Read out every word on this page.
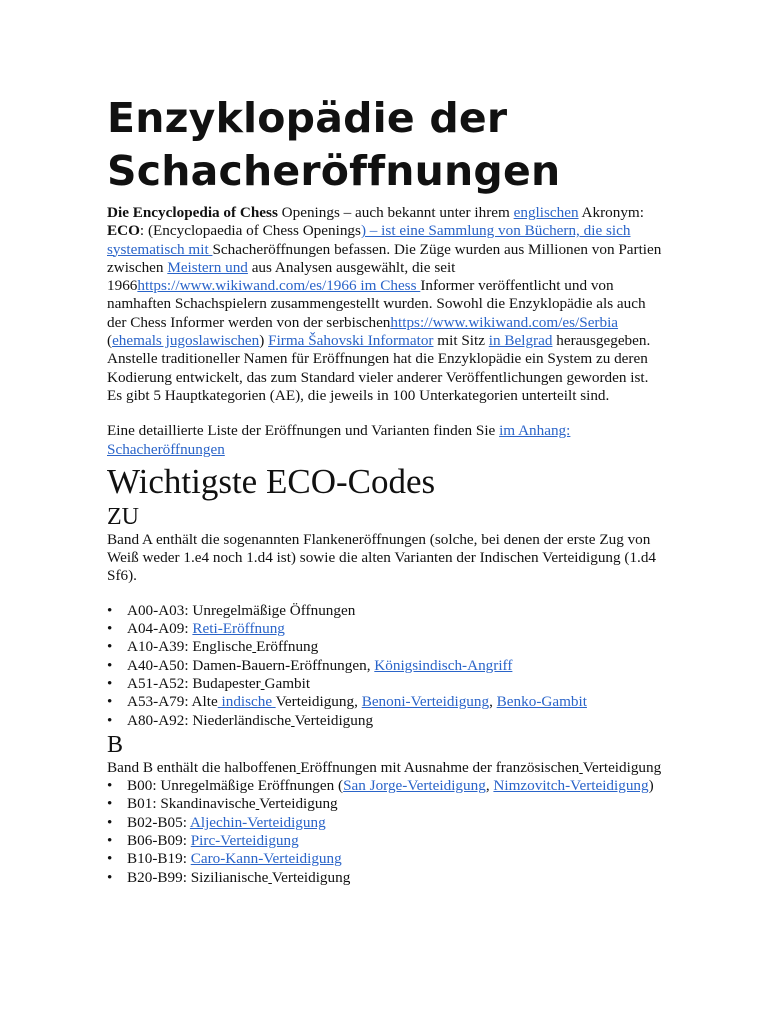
Enzyklopädie der
Schacheröffnungen

Die Encyclopedia of Chess Openings – auch bekannt unter ihrem englischen Akronym: ECO: (Encyclopaedia of Chess Openings) – ist eine Sammlung von Büchern, die sich systematisch mit Schacheröffnungen befassen. Die Züge wurden aus Millionen von Partien zwischen Meistern und aus Analysen ausgewählt, die seit 1966https://www.wikiwand.com/es/1966 im Chess Informer veröffentlicht und von namhaften Schachspielern zusammengestellt wurden. Sowohl die Enzyklopädie als auch der Chess Informer werden von der serbischenhttps://www.wikiwand.com/es/Serbia (ehemals jugoslawischen) Firma Šahovski Informator mit Sitz in Belgrad herausgegeben.

Anstelle traditioneller Namen für Eröffnungen hat die Enzyklopädie ein System zu deren Kodierung entwickelt, das zum Standard vieler anderer Veröffentlichungen geworden ist. Es gibt 5 Hauptkategorien (AE), die jeweils in 100 Unterkategorien unterteilt sind.

Eine detaillierte Liste der Eröffnungen und Varianten finden Sie im Anhang: Schacheröffnungen

Wichtigste ECO-Codes
ZU

Band A enthält die sogenannten Flankeneröffnungen (solche, bei denen der erste Zug von Weiß weder 1.e4 noch 1.d4 ist) sowie die alten Varianten der Indischen Verteidigung (1.d4 Sf6).

• A00-A03: Unregelmäßige Öffnungen
• A04-A09: Reti-Eröffnung
• A10-A39: Englische Eröffnung
• A40-A50: Damen-Bauern-Eröffnungen, Königsindisch-Angriff
• A51-A52: Budapester Gambit
• A53-A79: Alte indische Verteidigung, Benoni-Verteidigung, Benko-Gambit
• A80-A92: Niederländische Verteidigung
B

Band B enthält die halboffenen Eröffnungen mit Ausnahme der französischen Verteidigung

• B00: Unregelmäßige Eröffnungen (San Jorge-Verteidigung, Nimzovitch-Verteidigung)
• B01: Skandinavische Verteidigung
• B02-B05: Aljechin-Verteidigung
• B06-B09: Pirc-Verteidigung
• B10-B19: Caro-Kann-Verteidigung
• B20-B99: Sizilianische Verteidigung
